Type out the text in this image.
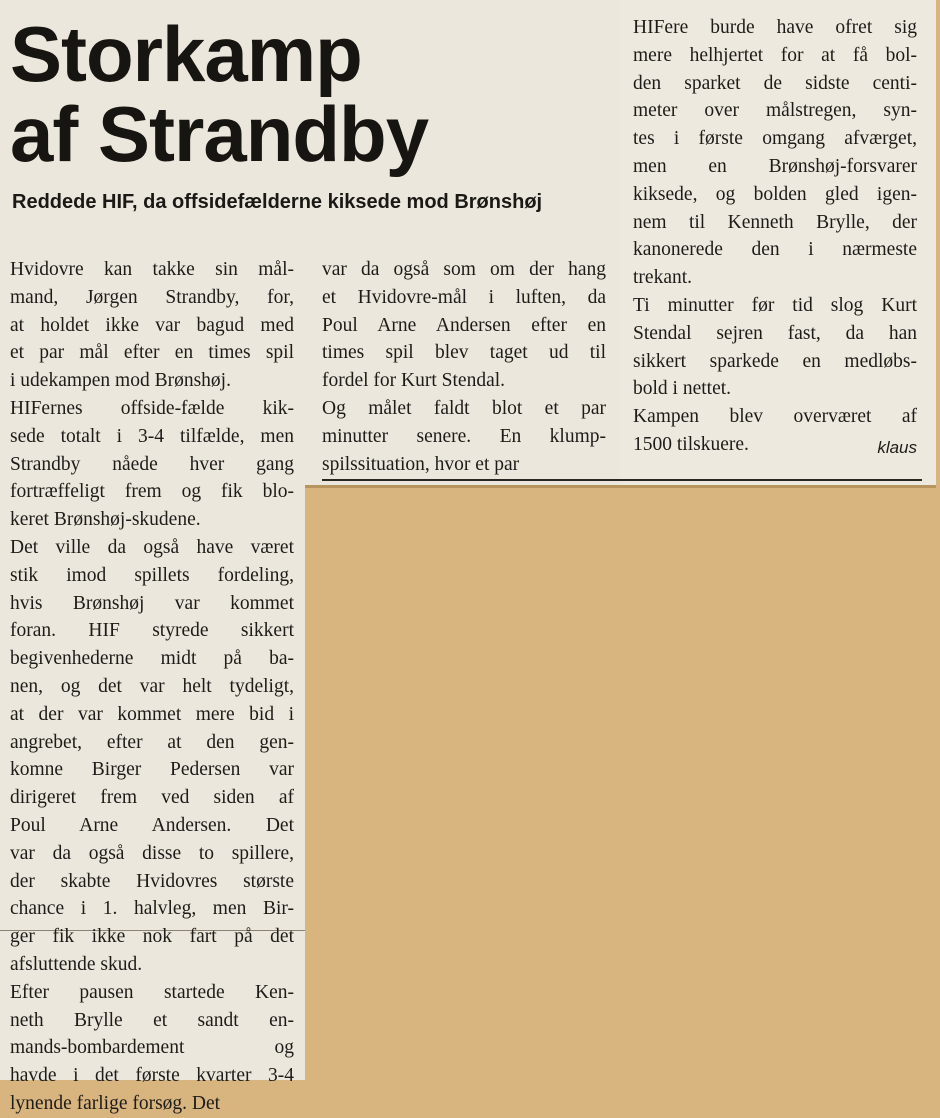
Storkamp
af Strandby
Reddede HIF, da offsidefælderne kiksede mod Brønshøj

Hvidovre kan takke sin mål-
mand, Jørgen Strandby, for,
at holdet ikke var bagud med
et par mål efter en times spil
i udekampen mod Brønshøj.

HIFernes offside-fælde kik-
sede totalt i 3-4 tilfælde, men
Strandby nåede hver gang
fortræffeligt frem og fik blo-
keret Brønshøj-skudene.

Det ville da også have været
stik imod spillets fordeling,
hvis Brønshøj var kommet
foran. HIF styrede sikkert
begivenhederne midt på ba-
nen, og det var helt tydeligt,
at der var kommet mere bid i
angrebet, efter at den gen-
komne Birger Pedersen var
dirigeret frem ved siden af
Poul Arne Andersen. Det
var da også disse to spillere,
der skabte Hvidovres største
chance i 1. halvleg, men Bir-
ger fik ikke nok fart på det
afsluttende skud.

Efter pausen startede Ken-
neth Brylle et sandt en-
mands-bombardement og
havde i det første kvarter 3-4
lynende farlige forsøg. Det

var da også som om der hang
et Hvidovre-mål i luften, da
Poul Arne Andersen efter en
times spil blev taget ud til
fordel for Kurt Stendal.

Og målet faldt blot et par
minutter senere. En klump-
spilssituation, hvor et par

HIFere burde have ofret sig
mere helhjertet for at få bol-
den sparket de sidste centi-
meter over målstregen, syn-
tes i første omgang afværget,
men en Brønshøj-forsvarer
kiksede, og bolden gled igen-
nem til Kenneth Brylle, der
kanonerede den i nærmeste
trekant.

Ti minutter før tid slog Kurt
Stendal sejren fast, da han
sikkert sparkede en medløbs-
bold i nettet.

Kampen blev overværet af
1500 tilskuere.	klaus
